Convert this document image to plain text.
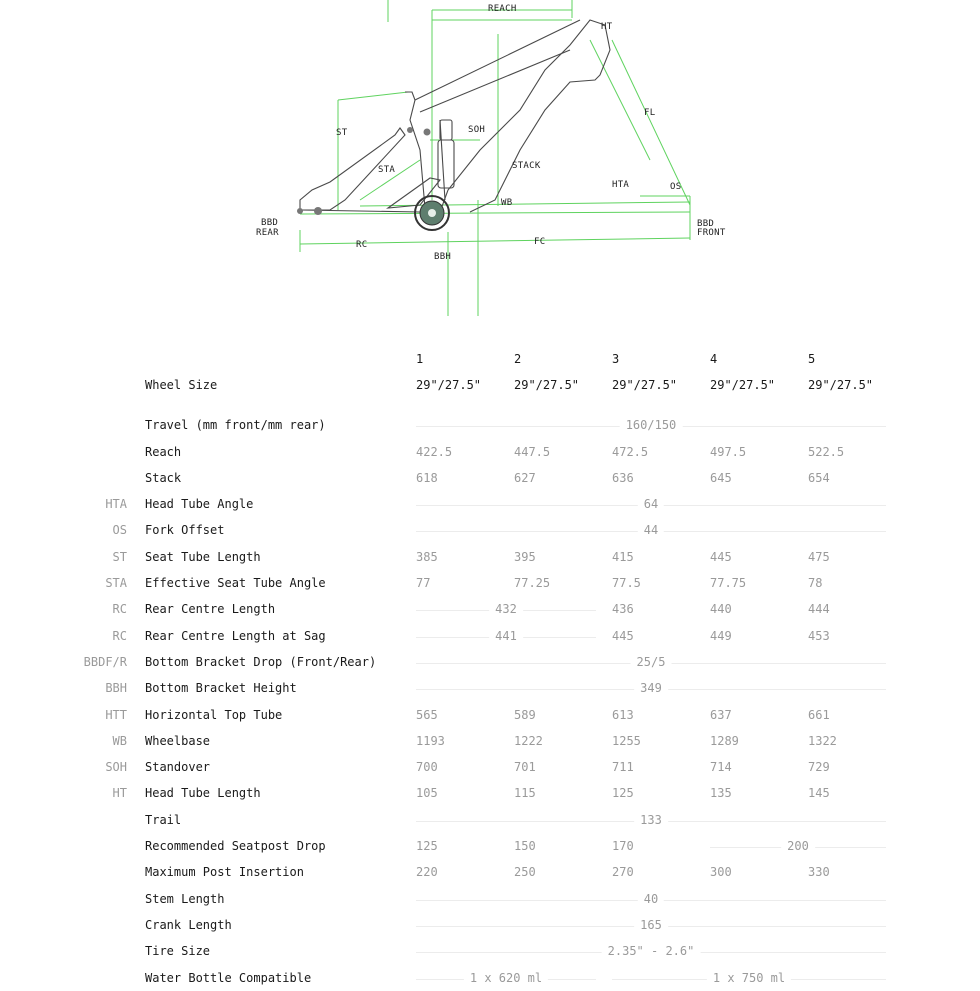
REACH
HT
FL
ST	SOH
STA	STACK
HTA	OS
WB
BBD
REAR
BBD
FRONT
RC	FC
BBH
1	2	3	4	5
Wheel Size	29"/27.5"	29"/27.5"	29"/27.5"	29"/27.5"	29"/27.5"
Travel (mm front/mm rear)	160/150
Reach	422.5	447.5	472.5	497.5	522.5
Stack	618	627	636	645	654
HTA Head Tube Angle	64
OS Fork Offset	44
ST Seat Tube Length	385	395	415	445	475
STA Effective Seat Tube Angle	77	77.25	77.5	77.75	78
RC Rear Centre Length	432	436	440	444
RC Rear Centre Length at Sag	441	445	449	453
BBDF/R Bottom Bracket Drop (Front/Rear)	25/5
BBH Bottom Bracket Height	349
HTT Horizontal Top Tube	565	589	613	637	661
WB Wheelbase	1193	1222	1255	1289	1322
SOH Standover	700	701	711	714	729
HT Head Tube Length	105	115	125	135	145
Trail	133
Recommended Seatpost Drop	125	150	170	200
Maximum Post Insertion	220	250	270	300	330
Stem Length	40
Crank Length	165
Tire Size	2.35" - 2.6"
Water Bottle Compatible	1 x 620 ml	1 x 750 ml
